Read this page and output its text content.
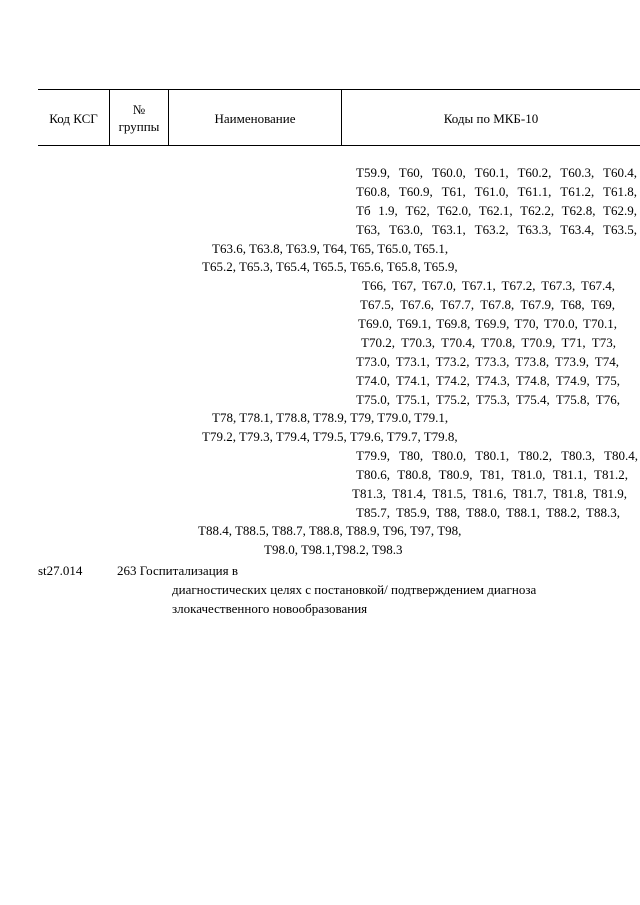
Код КСГ
№ группы
Наименование	Коды по МКБ-10
T59.9, T60, T60.0, T60.1, T60.2, T60.3, T60.4,
T60.8, T60.9, T61, T61.0, T61.1, T61.2, T61.8,
Tб 1.9, T62, T62.0, T62.1, T62.2, T62.8, T62.9,
T63, T63.0, T63.1, T63.2, T63.3, T63.4, T63.5,
T63.6, T63.8, T63.9, T64, T65, T65.0, T65.1,
T65.2, T65.3, T65.4, T65.5, T65.6, T65.8, T65.9,
T66, T67, T67.0, T67.1, T67.2, T67.3, T67.4,
T67.5, T67.6, T67.7, T67.8, T67.9, T68, T69,
T69.0, T69.1, T69.8, T69.9, T70, T70.0, T70.1,
T70.2, T70.3, T70.4, T70.8, T70.9, T71, T73,
T73.0, T73.1, T73.2, T73.3, T73.8, T73.9, T74,
T74.0, T74.1, T74.2, T74.3, T74.8, T74.9, T75,
T75.0, T75.1, T75.2, T75.3, T75.4, T75.8, T76,
T78, T78.1, T78.8, T78.9, T79, T79.0, T79.1,
T79.2, T79.3, T79.4, T79.5, T79.6, T79.7, T79.8,
T79.9, T80, T80.0, T80.1, T80.2, T80.3, T80.4,
T80.6, T80.8, T80.9, T81, T81.0, T81.1, T81.2,
T81.3, T81.4, T81.5, T81.6, T81.7, T81.8, T81.9,
T85.7, T85.9, T88, T88.0, T88.1, T88.2, T88.3,
T88.4, T88.5, T88.7, T88.8, T88.9, T96, T97, T98,
T98.0, T98.1,T98.2, T98.3
st27.014	263 Госпитализация в
диагностических целях с постановкой/ подтверждением диагноза
злокачественного новообразования
